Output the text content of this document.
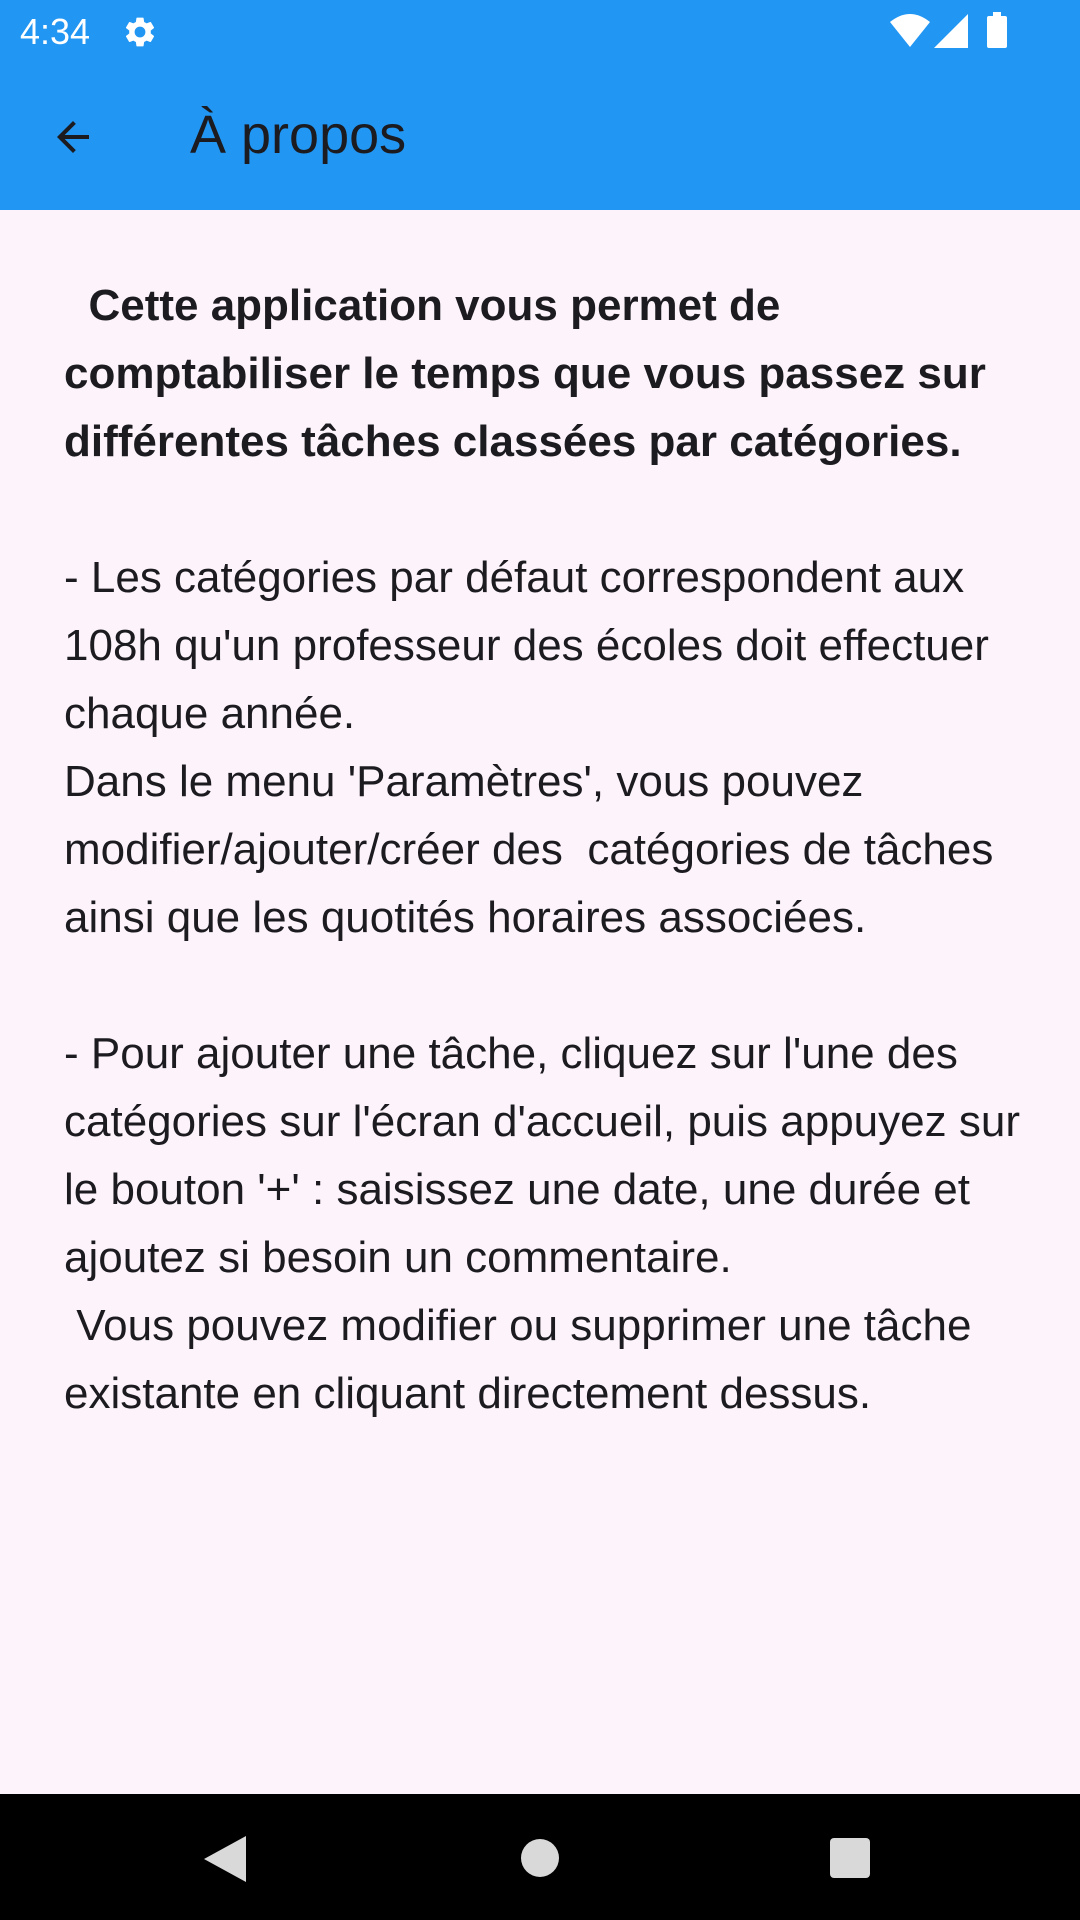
4:34
À propos

Cette application vous permet de comptabiliser le temps que vous passez sur différentes tâches classées par catégories.

- Les catégories par défaut correspondent aux 108h qu'un professeur des écoles doit effectuer chaque année.

Dans le menu 'Paramètres', vous pouvez modifier/ajouter/créer des  catégories de tâches ainsi que les quotités horaires associées.

- Pour ajouter une tâche, cliquez sur l'une des catégories sur l'écran d'accueil, puis appuyez sur le bouton '+' : saisissez une date, une durée et ajoutez si besoin un commentaire.

Vous pouvez modifier ou supprimer une tâche existante en cliquant directement dessus.
